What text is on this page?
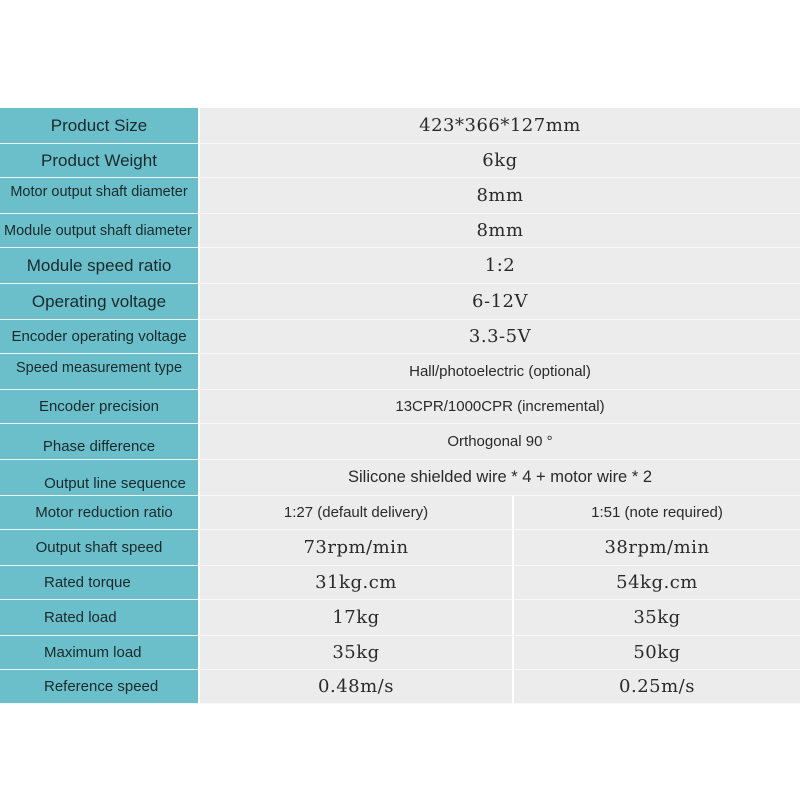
Product Size	423*366*127mm
Product Weight	6kg
Motor output shaft diameter	8mm
Module output shaft diameter	8mm
Module speed ratio	1:2
Operating voltage	6-12V
Encoder operating voltage	3.3-5V
Speed measurement type	Hall/photoelectric (optional)
Encoder precision	13CPR/1000CPR (incremental)
Phase difference	Orthogonal 90 °
Output line sequence	Silicone shielded wire * 4 + motor wire * 2
Motor reduction ratio	1:27 (default delivery)	1:51 (note required)
Output shaft speed	73rpm/min	38rpm/min
Rated torque	31kg.cm	54kg.cm
Rated load	17kg	35kg
Maximum load	35kg	50kg
Reference speed	0.48m/s	0.25m/s
